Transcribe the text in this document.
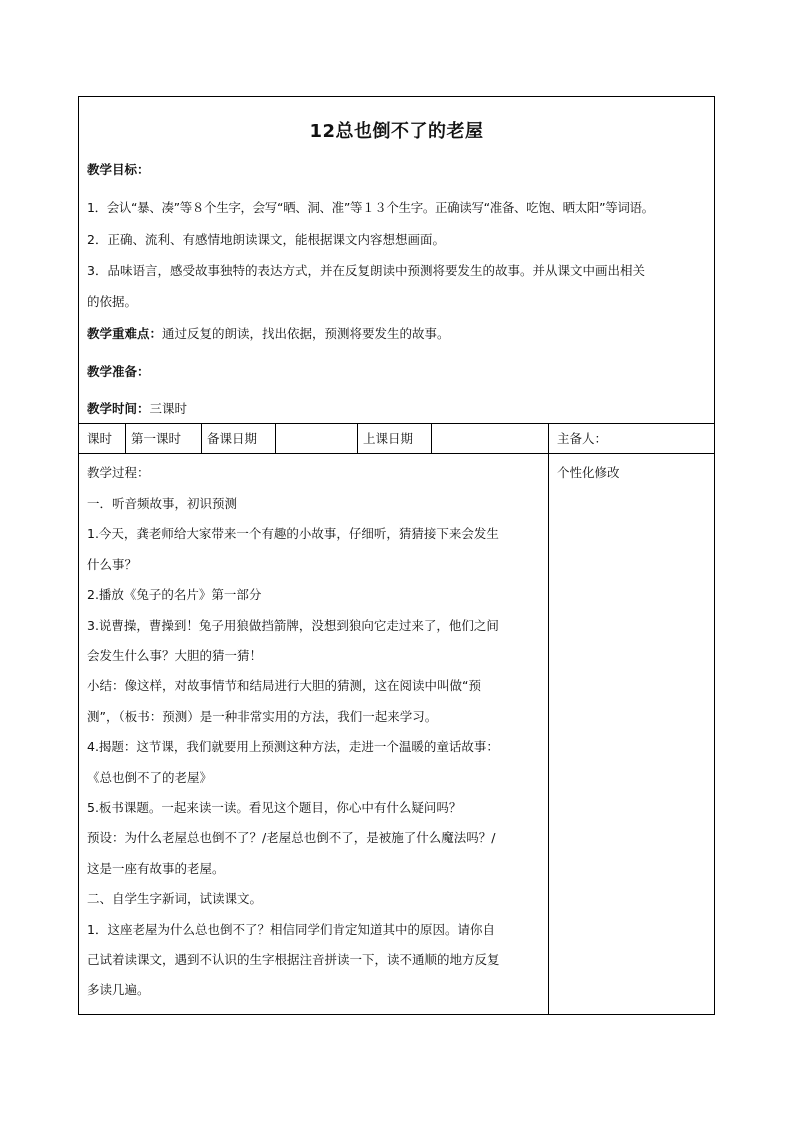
12总也倒不了的老屋
教学目标：
1．会认“暴、凑”等８个生字，会写“晒、洞、准”等１３个生字。正确读写“准备、吃饱、晒太阳”等词语。
2．正确、流利、有感情地朗读课文，能根据课文内容想想画面。
3．品味语言，感受故事独特的表达方式，并在反复朗读中预测将要发生的故事。并从课文中画出相关
的依据。
教学重难点：通过反复的朗读，找出依据，预测将要发生的故事。
教学准备：
教学时间：三课时
课时 第一课时 备课日期	上课日期	主备人：
个性化修改
教学过程：
一．听音频故事，初识预测
1.今天，龚老师给大家带来一个有趣的小故事，仔细听，猜猜接下来会发生
什么事？
2.播放《兔子的名片》第一部分
3.说曹操，曹操到！兔子用狼做挡箭牌，没想到狼向它走过来了，他们之间
会发生什么事？大胆的猜一猜！
小结：像这样，对故事情节和结局进行大胆的猜测，这在阅读中叫做“预
测”，（板书：预测）是一种非常实用的方法，我们一起来学习。
4.揭题：这节课，我们就要用上预测这种方法，走进一个温暖的童话故事：
《总也倒不了的老屋》
5.板书课题。一起来读一读。看见这个题目，你心中有什么疑问吗？
预设：为什么老屋总也倒不了？/老屋总也倒不了，是被施了什么魔法吗？/
这是一座有故事的老屋。
二、自学生字新词，试读课文。
1．这座老屋为什么总也倒不了？相信同学们肯定知道其中的原因。请你自
己试着读课文，遇到不认识的生字根据注音拼读一下，读不通顺的地方反复
多读几遍。
